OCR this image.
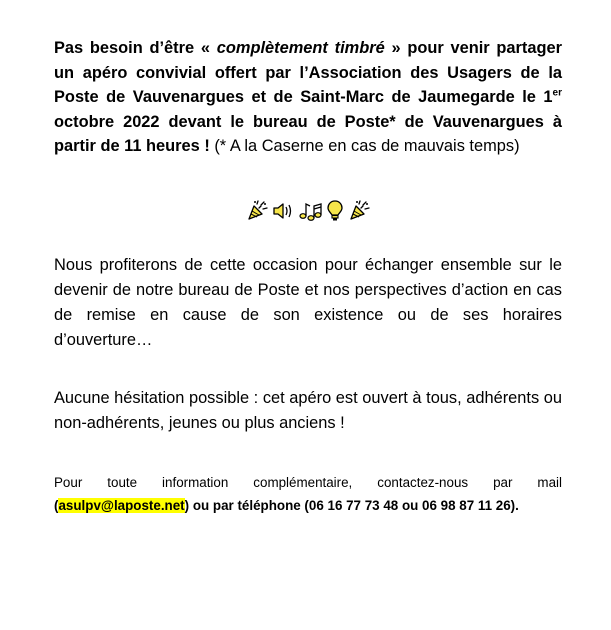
Pas besoin d’être « complètement timbré » pour venir partager un apéro convivial offert par l’Association des Usagers de la Poste de Vauvenargues et de Saint-Marc de Jaumegarde le 1er octobre 2022 devant le bureau de Poste* de Vauvenargues à partir de 11 heures ! (* A la Caserne en cas de mauvais temps)

Nous profiterons de cette occasion pour échanger ensemble sur le devenir de notre bureau de Poste et nos perspectives d’action en cas de remise en cause de son existence ou de ses horaires d’ouverture…

Aucune hésitation possible : cet apéro est ouvert à tous, adhérents ou non-adhérents, jeunes ou plus anciens !

Pour toute information complémentaire, contactez-nous par mail (asulpv@laposte.net) ou par téléphone (06 16 77 73 48 ou 06 98 87 11 26).
